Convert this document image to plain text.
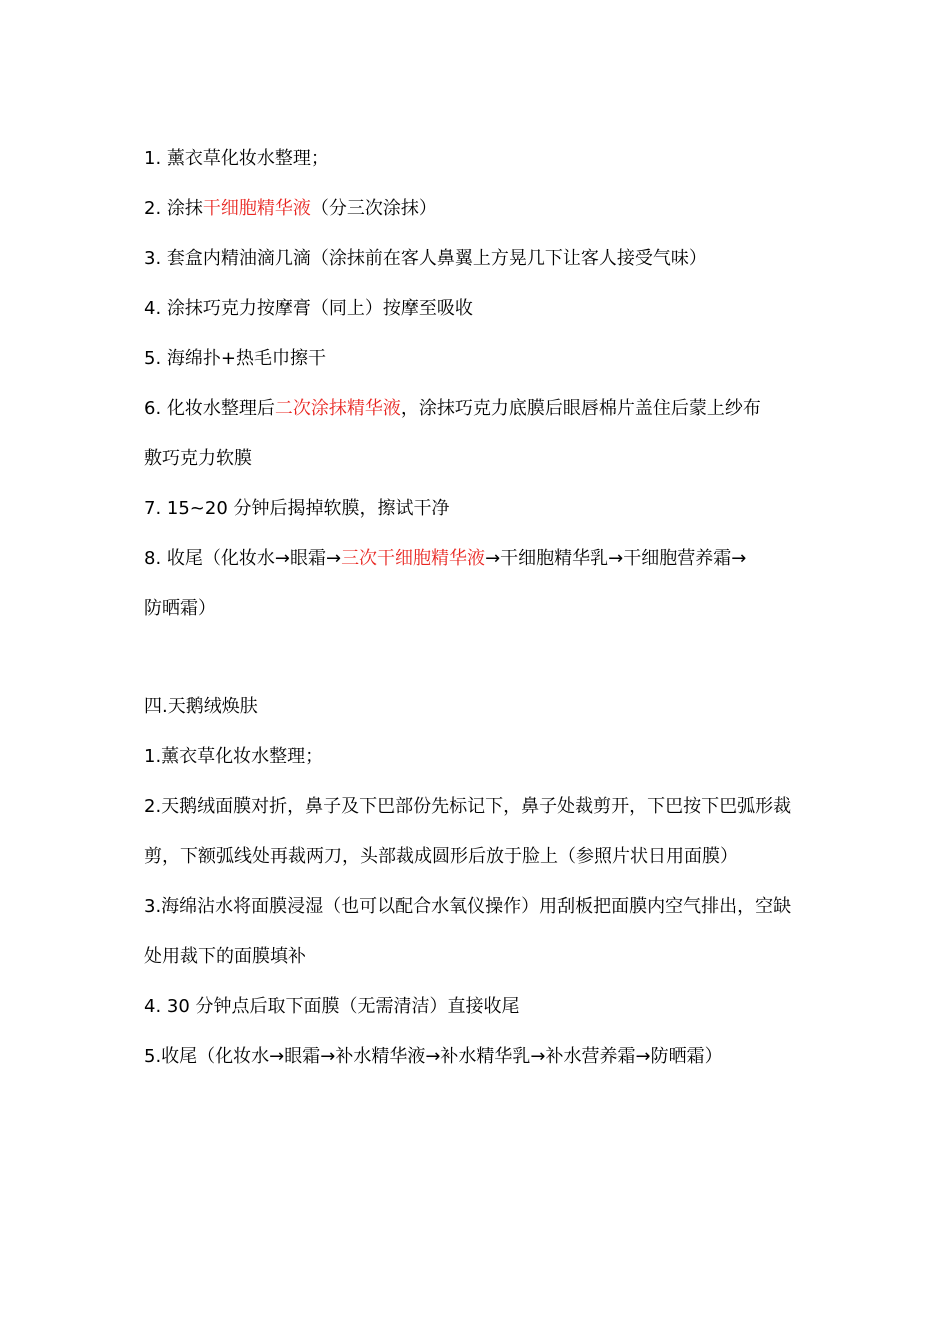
1. 薰衣草化妆水整理；
2. 涂抹干细胞精华液（分三次涂抹）
3. 套盒内精油滴几滴（涂抹前在客人鼻翼上方晃几下让客人接受气味）
4. 涂抹巧克力按摩膏（同上）按摩至吸收
5. 海绵扑+热毛巾擦干
6. 化妆水整理后二次涂抹精华液，涂抹巧克力底膜后眼唇棉片盖住后蒙上纱布
敷巧克力软膜
7. 15~20 分钟后揭掉软膜，擦试干净
8. 收尾（化妆水→眼霜→三次干细胞精华液→干细胞精华乳→干细胞营养霜→
防晒霜）
四.天鹅绒焕肤
1.薰衣草化妆水整理；
2.天鹅绒面膜对折，鼻子及下巴部份先标记下，鼻子处裁剪开，下巴按下巴弧形裁
剪，下额弧线处再裁两刀，头部裁成圆形后放于脸上（参照片状日用面膜）
3.海绵沾水将面膜浸湿（也可以配合水氧仪操作）用刮板把面膜内空气排出，空缺
处用裁下的面膜填补
4. 30 分钟点后取下面膜（无需清洁）直接收尾
5.收尾（化妆水→眼霜→补水精华液→补水精华乳→补水营养霜→防晒霜）
